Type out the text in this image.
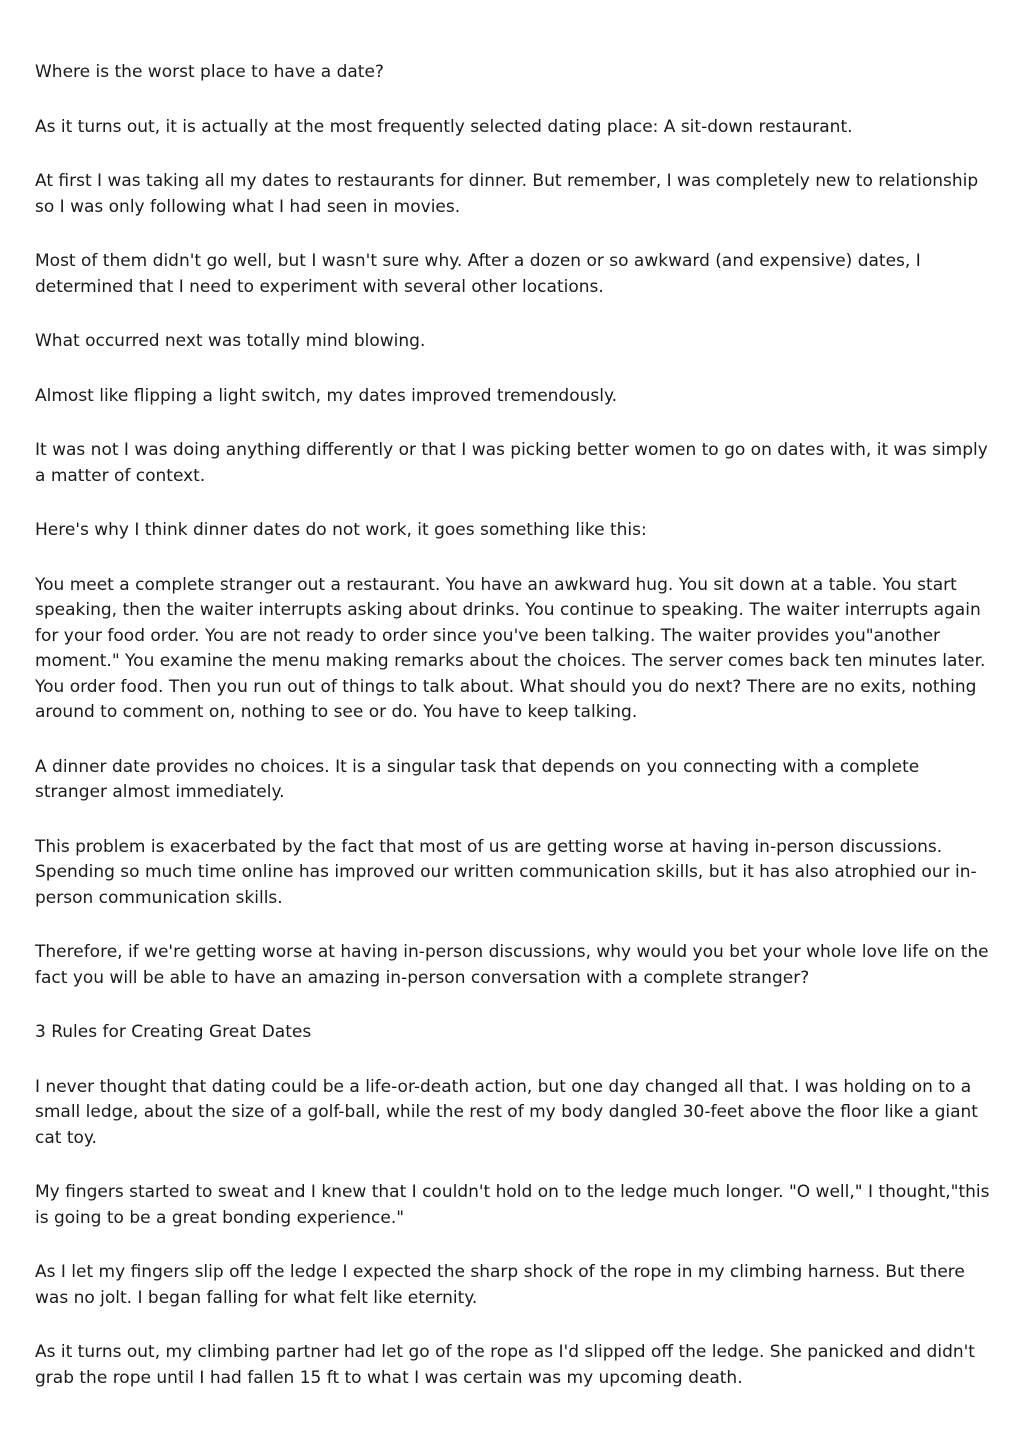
Where is the worst place to have a date?

As it turns out, it is actually at the most frequently selected dating place: A sit-down restaurant.

At first I was taking all my dates to restaurants for dinner. But remember, I was completely new to relationship so I was only following what I had seen in movies.

Most of them didn't go well, but I wasn't sure why. After a dozen or so awkward (and expensive) dates, I determined that I need to experiment with several other locations.

What occurred next was totally mind blowing.

Almost like flipping a light switch, my dates improved tremendously.

It was not I was doing anything differently or that I was picking better women to go on dates with, it was simply a matter of context.

Here's why I think dinner dates do not work, it goes something like this:

You meet a complete stranger out a restaurant. You have an awkward hug. You sit down at a table. You start speaking, then the waiter interrupts asking about drinks. You continue to speaking. The waiter interrupts again for your food order. You are not ready to order since you've been talking. The waiter provides you"another moment." You examine the menu making remarks about the choices. The server comes back ten minutes later. You order food. Then you run out of things to talk about. What should you do next? There are no exits, nothing around to comment on, nothing to see or do. You have to keep talking.

A dinner date provides no choices. It is a singular task that depends on you connecting with a complete stranger almost immediately.

This problem is exacerbated by the fact that most of us are getting worse at having in-person discussions. Spending so much time online has improved our written communication skills, but it has also atrophied our in-person communication skills.

Therefore, if we're getting worse at having in-person discussions, why would you bet your whole love life on the fact you will be able to have an amazing in-person conversation with a complete stranger?

3 Rules for Creating Great Dates

I never thought that dating could be a life-or-death action, but one day changed all that. I was holding on to a small ledge, about the size of a golf-ball, while the rest of my body dangled 30-feet above the floor like a giant cat toy.

My fingers started to sweat and I knew that I couldn't hold on to the ledge much longer. "O well," I thought,"this is going to be a great bonding experience."

As I let my fingers slip off the ledge I expected the sharp shock of the rope in my climbing harness. But there was no jolt. I began falling for what felt like eternity.

As it turns out, my climbing partner had let go of the rope as I'd slipped off the ledge. She panicked and didn't grab the rope until I had fallen 15 ft to what I was certain was my upcoming death.
